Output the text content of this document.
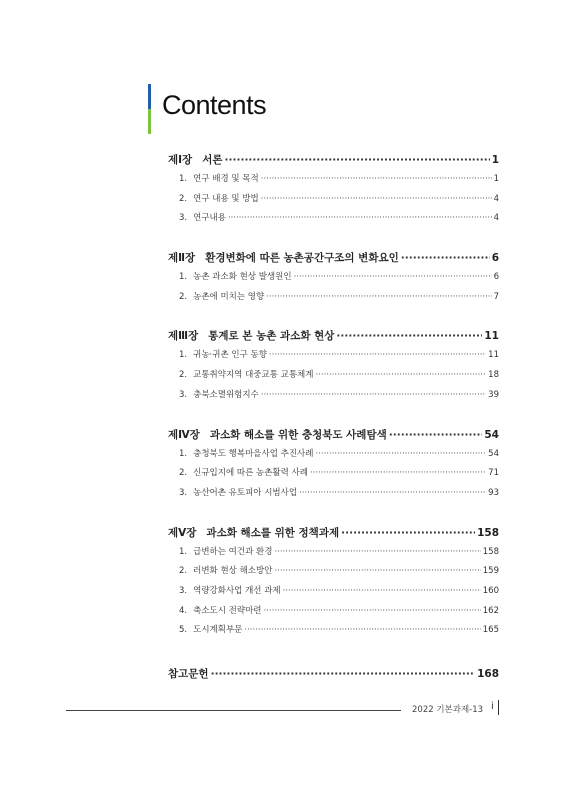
Contents
제Ⅰ장 서론 ·····	1
1. 연구 배경 및 목적 ·····	1
2. 연구 내용 및 방법 ·····	4
3. 연구내용 ·····	4
제Ⅱ장 환경변화에 따른 농촌공간구조의 변화요인 ·····	6
1. 농촌 과소화 현상 발생원인 ·····	6
2. 농촌에 미치는 영향 ·····	7
제Ⅲ장 통계로 본 농촌 과소화 현상 ·····	11
1. 귀농·귀촌 인구 동향 ·····	11
2. 교통취약지역 대중교통 교통체계 ·····	18
3. 충북소멸위험지수 ·····	39
제Ⅳ장 과소화 해소를 위한 충청북도 사례탐색 ·····	54
1. 충청북도 행복마을사업 추진사례 ·····	54
2. 신규입지에 따른 농촌활력 사례 ·····	71
3. 농산어촌 유토피아 시범사업 ·····	93
제Ⅴ장 과소화 해소를 위한 정책과제 ·····	158
1. 급변하는 여건과 환경 ·····	158
2. 러변화 현상 해소방안 ·····	159
3. 역량강화사업 개선 과제 ·····	160
4. 축소도시 전략마련 ·····	162
5. 도시계획부문 ·····	165
참고문헌 ·····	168
2022 기본과제-13 i
